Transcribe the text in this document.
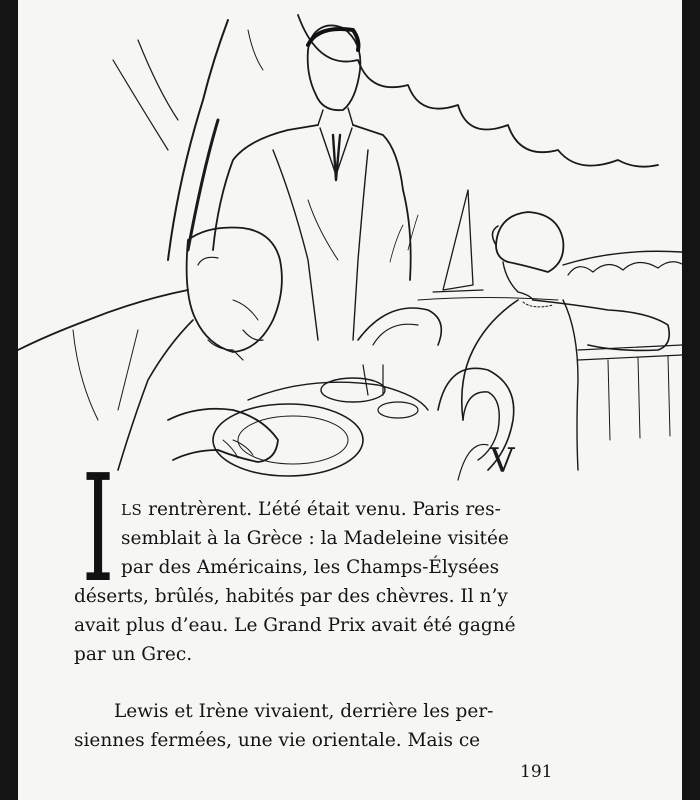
V
I LS rentrèrent. L’été était venu. Paris res-
semblait à la Grèce : la Madeleine visitée
par des Américains, les Champs-Élysées
déserts, brûlés, habités par des chèvres. Il n’y
avait plus d’eau. Le Grand Prix avait été gagné
par un Grec.
Lewis et Irène vivaient, derrière les per-
siennes fermées, une vie orientale. Mais ce
191
